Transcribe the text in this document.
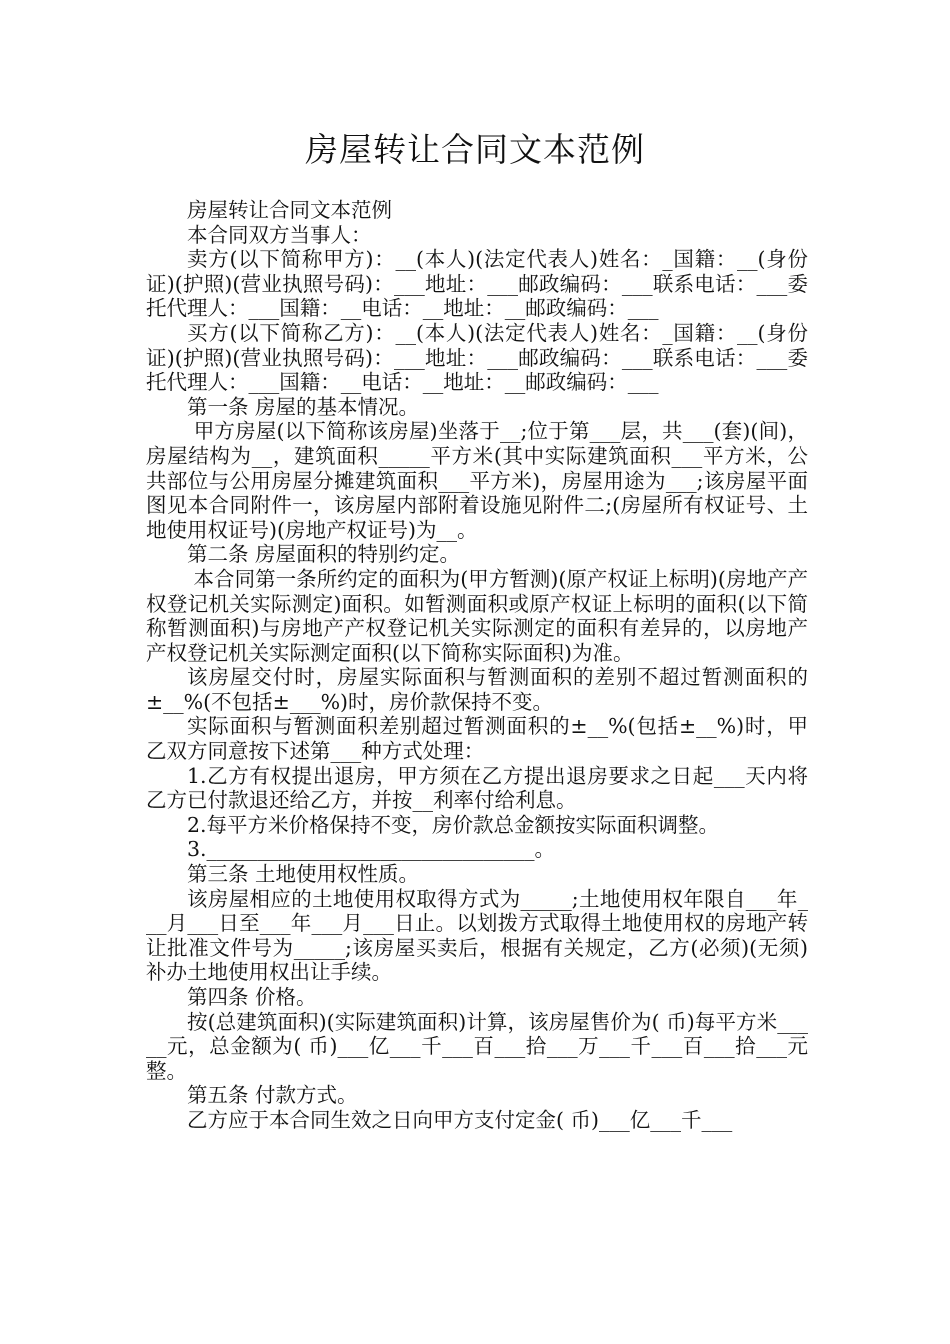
房屋转让合同文本范例

房屋转让合同文本范例

本合同双方当事人：

卖方(以下简称甲方)：__(本人)(法定代表人)姓名：_国籍：__(身份证)(护照)(营业执照号码)：___地址：___邮政编码：___联系电话：___委托代理人：___国籍：__电话：__地址：__邮政编码：___

买方(以下简称乙方)：__(本人)(法定代表人)姓名：_国籍：__(身份证)(护照)(营业执照号码)：___地址：___邮政编码：___联系电话：___委托代理人：___国籍：__电话：__地址：__邮政编码：___

第一条 房屋的基本情况。

甲方房屋(以下简称该房屋)坐落于__;位于第___层，共___(套)(间)，房屋结构为__，建筑面积_____平方米(其中实际建筑面积___平方米，公共部位与公用房屋分摊建筑面积___平方米)，房屋用途为___;该房屋平面图见本合同附件一，该房屋内部附着设施见附件二;(房屋所有权证号、土地使用权证号)(房地产权证号)为__。

第二条 房屋面积的特别约定。

本合同第一条所约定的面积为(甲方暂测)(原产权证上标明)(房地产产权登记机关实际测定)面积。如暂测面积或原产权证上标明的面积(以下简称暂测面积)与房地产产权登记机关实际测定的面积有差异的，以房地产产权登记机关实际测定面积(以下简称实际面积)为准。

该房屋交付时，房屋实际面积与暂测面积的差别不超过暂测面积的±__%(不包括±___%)时，房价款保持不变。

实际面积与暂测面积差别超过暂测面积的±__%(包括±__%)时，甲乙双方同意按下述第___种方式处理：

1.乙方有权提出退房，甲方须在乙方提出退房要求之日起___天内将乙方已付款退还给乙方，并按__利率付给利息。

2.每平方米价格保持不变，房价款总金额按实际面积调整。

3.________________________________。

第三条 土地使用权性质。

该房屋相应的土地使用权取得方式为_____;土地使用权年限自___年___月___日至___年___月___日止。以划拨方式取得土地使用权的房地产转让批准文件号为_____;该房屋买卖后，根据有关规定，乙方(必须)(无须)补办土地使用权出让手续。

第四条 价格。

按(总建筑面积)(实际建筑面积)计算，该房屋售价为( 币)每平方米_____元，总金额为( 币)___亿___千___百___拾___万___千___百___拾___元整。

第五条 付款方式。

乙方应于本合同生效之日向甲方支付定金( 币)___亿___千___
